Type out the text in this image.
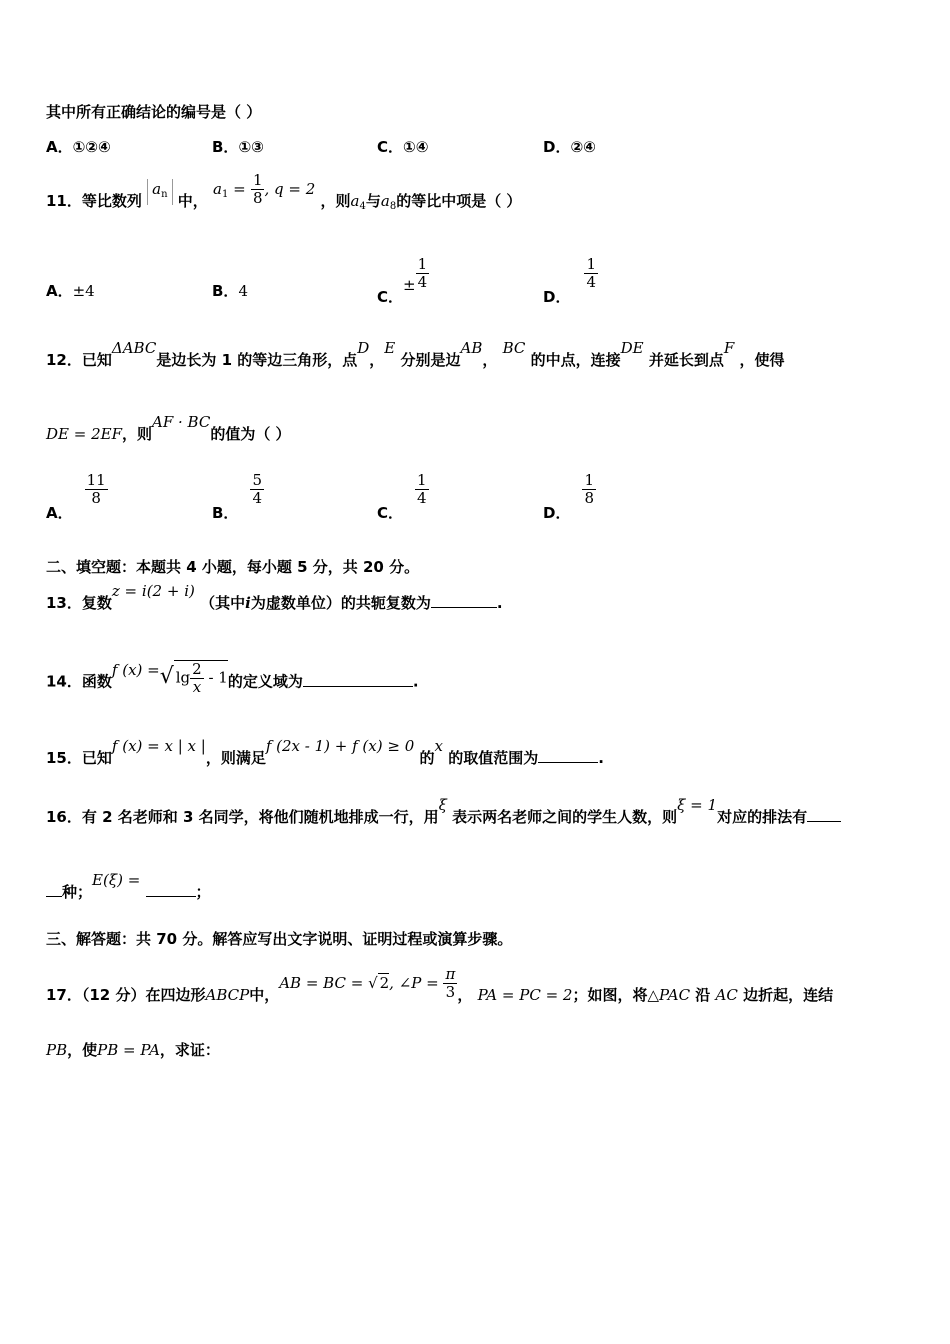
其中所有正确结论的编号是（ ）
A．①②④	B．①③	C．①④	D．②④
11．等比数列 $a_n$ 中， $a_1 = \frac{1}{8}$ , q = 2 ，则$a_4$与$a_8$的等比中项是（ ）
A．±4	B．4	C．± $\frac{1}{4}$
D．
$\frac{1}{4}$
12．已知ΔABC是边长为 1 的等边三角形，点D，E 分别是边AB， BC 的中点，连接DE 并延长到点F ，使得
DE = 2EF，则AF · BC的值为（ ）
A．
$\frac{11}{8}$
B．
$\frac{5}{4}$
C．
$\frac{1}{4}$
D．
$\frac{1}{8}$
二、填空题：本题共 4 小题，每小题 5 分，共 20 分。
13．复数z = i(2 + i) （其中i为虚数单位）的共轭复数为	.
14．函数f (x) =√ $\lg \frac{2}{x} - 1$的定义域为	.
15．已知f (x) = x | x |，则满足f (2x - 1) + f (x) ≥ 0 的x 的取值范围为	.
16．有 2 名老师和 3 名同学，将他们随机地排成一行，用ξ 表示两名老师之间的学生人数，则ξ = 1对应的排法有
种；E(ξ) = ；
三、解答题：共 70 分。解答应写出文字说明、证明过程或演算步骤。
17．（12 分）在四边形ABCP中，AB = BC = √ 2, ∠P = $\frac{\pi}{3}$ ， PA = PC = 2；如图，将△PAC 沿 AC 边折起，连结
PB，使PB = PA，求证：
